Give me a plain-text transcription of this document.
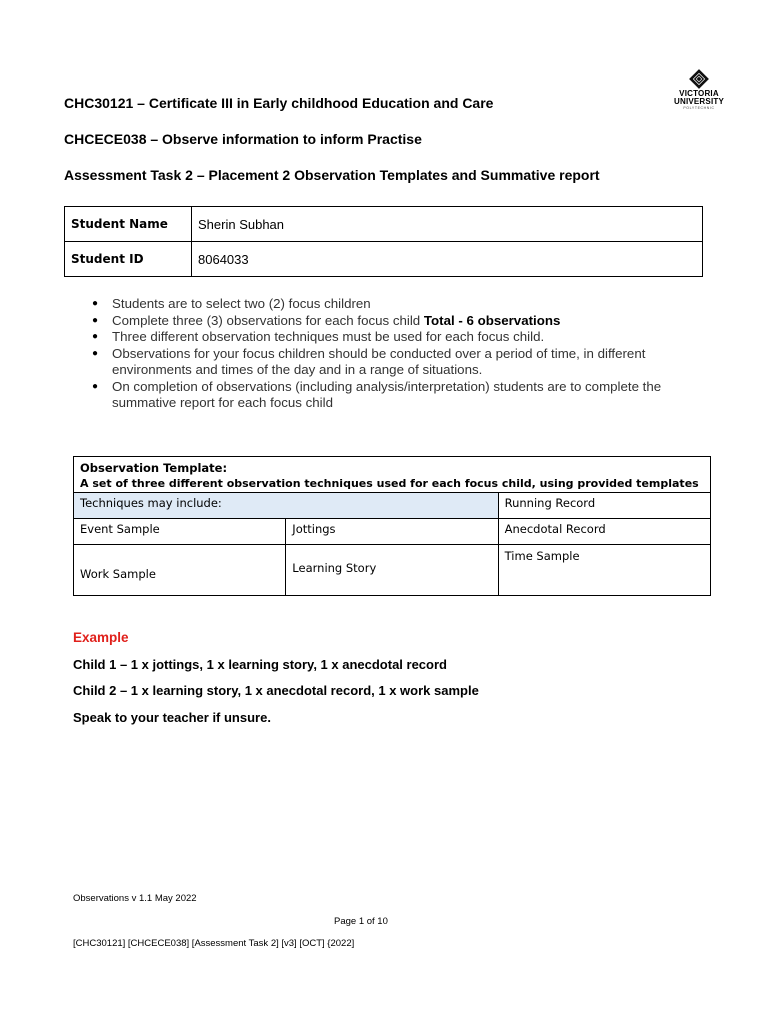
VICTORIA
UNIVERSITY
POLYTECHNIC
CHC30121 – Certificate III in Early childhood Education and Care
CHCECE038 – Observe information to inform Practise
Assessment Task 2 – Placement 2 Observation Templates and Summative report
Student Name	Sherin Subhan
Student ID	8064033
● Students are to select two (2) focus children
● Complete three (3) observations for each focus child Total - 6 observations
● Three different observation techniques must be used for each focus child.
● Observations for your focus children should be conducted over a period of time, in different environments and times of the day and in a range of situations.
● On completion of observations (including analysis/interpretation) students are to complete the summative report for each focus child
Observation Template:
A set of three different observation techniques used for each focus child, using provided templates		

Techniques may include:		Running Record
Event Sample	Jottings	Anecdotal Record
Work Sample	Learning Story	Time Sample
Example
Child 1 – 1 x jottings, 1 x learning story, 1 x anecdotal record
Child 2 – 1 x learning story, 1 x anecdotal record, 1 x work sample
Speak to your teacher if unsure.
Observations v 1.1 May 2022
Page 1 of 10
[CHC30121] [CHCECE038] [Assessment Task 2] [v3] [OCT] {2022]
